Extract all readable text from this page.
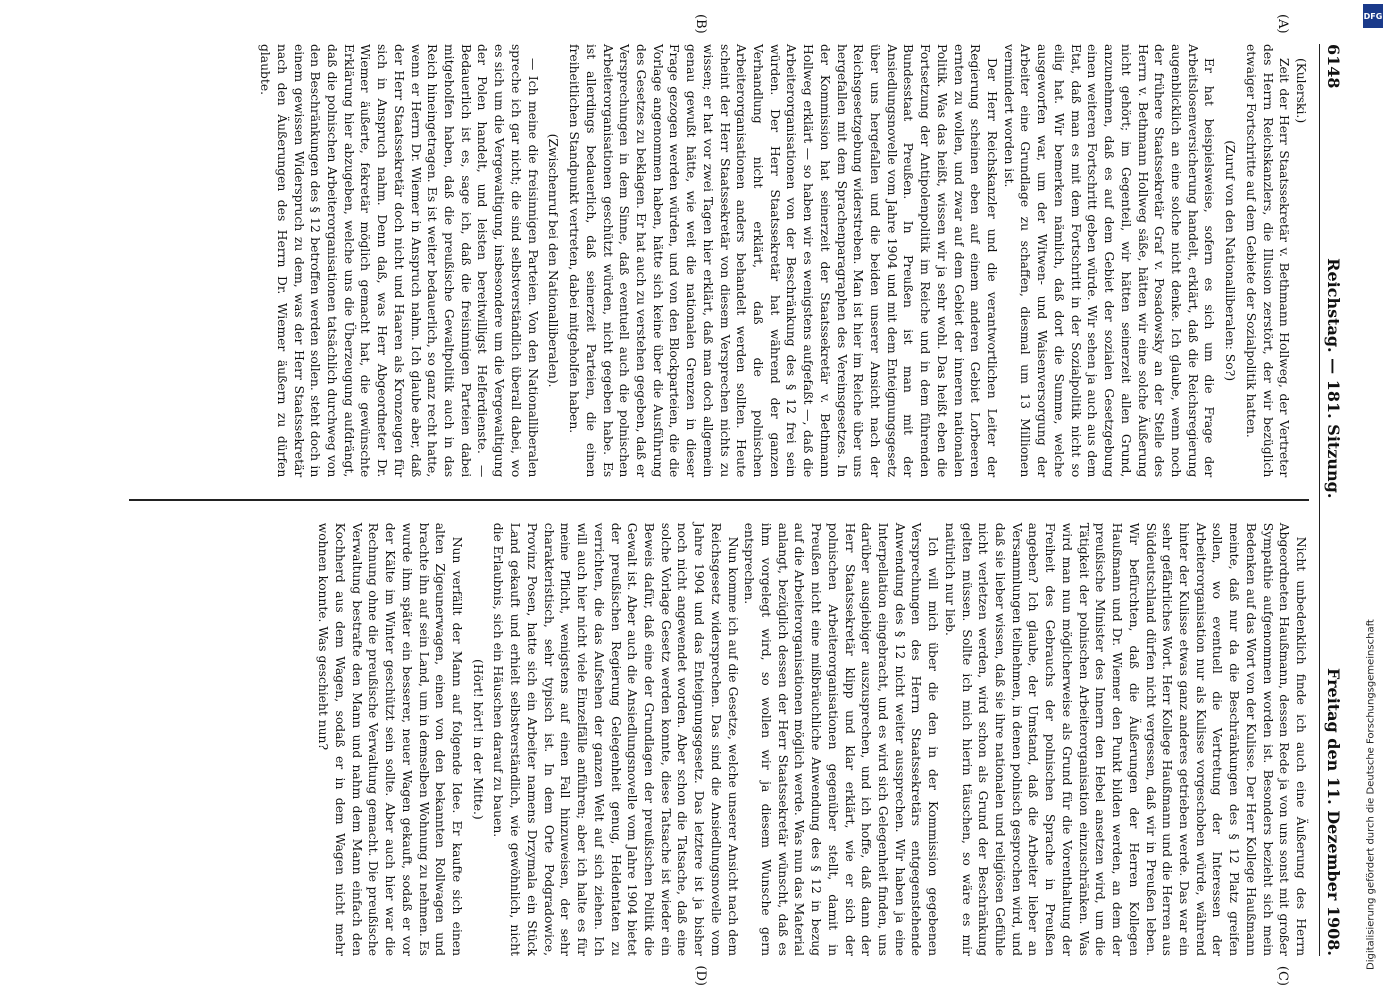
6148
Reichstag. — 181. Sitzung.
Freitag den 11. Dezember 1908.
(A)
(B)

(Kulerski.)

Zeit der Herr Staatssekretär v. Bethmann Hollweg, der Vertreter des Herrn Reichskanzlers, die Illusion zerstört, der wir bezüglich etwaiger Fortschritte auf dem Gebiete der Sozialpolitik hatten.

(Zuruf von den Nationalliberalen: So?)

Er hat beispielsweise, sofern es sich um die Frage der Arbeitslosenversicherung handelt, erklärt, daß die Reichsregierung augenblicklich an eine solche nicht denke. Ich glaube, wenn noch der frühere Staatssekretär Graf v. Posadowsky an der Stelle des Herrn v. Bethmann Hollweg säße, hätten wir eine solche Äußerung nicht gehört; im Gegenteil, wir hätten seinerzeit allen Grund, anzunehmen, daß es auf dem Gebiet der sozialen Gesetzgebung einen weiteren Fortschritt geben würde. Wir sehen ja auch aus dem Etat, daß man es mit dem Fortschritt in der Sozialpolitik nicht so eilig hat. Wir bemerken nämlich, daß dort die Summe, welche ausgeworfen war, um der Witwen- und Waisenversorgung der Arbeiter eine Grundlage zu schaffen, diesmal um 13 Millionen vermindert worden ist.

Der Herr Reichskanzler und die verantwortlichen Leiter der Regierung scheinen eben auf einem anderen Gebiet Lorbeeren ernten zu wollen, und zwar auf dem Gebiet der inneren nationalen Politik. Was das heißt, wissen wir ja sehr wohl. Das heißt eben die Fortsetzung der Antipolenpolitik im Reiche und in dem führenden Bundesstaat Preußen. In Preußen ist man mit der Ansiedlungsnovelle vom Jahre 1904 und mit dem Enteignungsgesetz über uns hergefallen und die beiden unserer Ansicht nach der Reichsgesetzgebung widerstreben. Man ist hier im Reiche über uns hergefallen mit dem Sprachenparagraphen des Vereinsgesetzes. In der Kommission hat seinerzeit der Staatssekretär v. Bethmann Hollweg erklärt — so haben wir es wenigstens aufgefaßt —, daß die Arbeiterorganisationen von der Beschränkung des § 12 frei sein würden. Der Herr Staatssekretär hat während der ganzen Verhandlung nicht erklärt, daß die polnischen Arbeiterorganisationen anders behandelt werden sollten. Heute scheint der Herr Staatssekretär von diesem Versprechen nichts zu wissen; er hat vor zwei Tagen hier erklärt, daß man doch allgemein genau gewußt hätte, wie weit die nationalen Grenzen in dieser Frage gezogen werden würden, und von den Blockparteien, die die Vorlage angenommen haben, hätte sich keine über die Ausführung des Gesetzes zu beklagen. Er hat auch zu verstehen gegeben, daß er Versprechungen in dem Sinne, daß eventuell auch die polnischen Arbeiterorganisationen geschützt würden, nicht gegeben habe. Es ist allerdings bedauerlich, daß seinerzeit Parteien, die einen freiheitlichen Standpunkt vertreten, dabei mitgeholfen haben.

(Zwischenruf bei den Nationalliberalen).

— Ich meine die freisinnigen Parteien. Von den Nationalliberalen spreche ich gar nicht; die sind selbstverständlich überall dabei, wo es sich um die Vergewaltigung, insbesondere um die Vergewaltigung der Polen handelt, und leisten bereitwilligst Helferdienste. — Bedauerlich ist es, sage ich, daß die freisinnigen Parteien dabei mitgeholfen haben, daß die preußische Gewaltpolitik auch in das Reich hineingetragen. Es ist weiter bedauerlich, so ganz recht hatte, wenn er Herrn Dr. Wiemer in Anspruch nahm. Ich glaube aber, daß der Herr Staatssekretär doch nicht und Haaren als Kronzeugen für sich in Anspruch nahm. Denn daß, was Herr Abgeordneter Dr. Wiemer äußerte, fekretär möglich gemacht hat, die gewünschte Erklärung hier abzugeben, welche uns die Überzeugung aufdrängt, daß die polnischen Arbeiterorganisationen tatsächlich durchweg von den Beschränkungen des § 12 betroffen werden sollen. steht doch in einem gewissen Widerspruch zu dem, was der Herr Staatssekretär nach den Äußerungen des Herrn Dr. Wiemer äußern zu dürfen glaubte.

(C)
(D)

Nicht unbedenklich finde ich auch eine Äußerung des Herrn Abgeordneten Haußmann, dessen Rede ja von uns sonst mit großer Sympathie aufgenommen worden ist. Besonders bezieht sich mein Bedenken auf das Wort von der Kulisse. Der Herr Kollege Haußmann meinte, daß nur da die Beschränkungen des § 12 Platz greifen sollen, wo eventuell die Vertretung der Interessen der Arbeiterorganisation nur als Kulisse vorgeschoben würde, während hinter der Kulisse etwas ganz anderes getrieben werde. Das war ein sehr gefährliches Wort. Herr Kollege Haußmann und die Herren aus Süddeutschland dürfen nicht vergessen, daß wir in Preußen leben. Wir befürchten, daß die Äußerungen der Herren Kollegen Haußmann und Dr. Wiemer den Punkt bilden werden, an dem der preußische Minister des Innern den Hebel ansetzen wird, um die Tätigkeit der polnischen Arbeiterorganisation einzuschränken. Was wird man nun möglicherweise als Grund für die Vorenthaltung der Freiheit des Gebrauchs der polnischen Sprache in Preußen angeben? Ich glaube, der Umstand, daß die Arbeiter lieber an Versammlungen teilnehmen, in denen polnisch gesprochen wird, und daß sie lieber wissen, daß sie ihre nationalen und religiösen Gefühle nicht verletzen werden, wird schon als Grund der Beschränkung gelten müssen. Sollte ich mich hierin täuschen, so wäre es mir natürlich nur lieb.

Ich will mich über die den in der Kommission gegebenen Versprechungen des Herrn Staatssekretärs entgegenstehende Anwendung des § 12 nicht weiter aussprechen. Wir haben ja eine Interpellation eingebracht, und es wird sich Gelegenheit finden, uns darüber ausgiebiger auszusprechen, und ich hoffe, daß dann der Herr Staatssekretär klipp und klar erklärt, wie er sich der polnischen Arbeiterorganisationen gegenüber stellt, damit in Preußen nicht eine mißbräuchliche Anwendung des § 12 in bezug auf die Arbeiterorganisationen möglich werde. Was nun das Material anlangt, bezüglich dessen der Herr Staatssekretär wünscht, daß es ihm vorgelegt wird, so wollen wir ja diesem Wunsche gern entsprechen.

Nun komme ich auf die Gesetze, welche unserer Ansicht nach dem Reichsgesetz widersprechen. Das sind die Ansiedlungsnovelle vom Jahre 1904 und das Enteignungsgesetz. Das letztere ist ja bisher noch nicht angewendet worden. Aber schon die Tatsache, daß eine solche Vorlage Gesetz werden konnte, diese Tatsache ist wieder ein Beweis dafür, daß eine der Grundlagen der preußischen Politik die Gewalt ist. Aber auch die Ansiedlungsnovelle vom Jahre 1904 bietet der preußischen Regierung Gelegenheit genug, Heldentaten zu verrichten, die das Aufsehen der ganzen Welt auf sich ziehen. Ich will auch hier nicht viele Einzelfälle anführen; aber ich halte es für meine Pflicht, wenigstens auf einen Fall hinzuweisen, der sehr charakteristisch, sehr typisch ist. In dem Orte Podgradowice, Provinz Posen, hatte sich ein Arbeiter namens Drzymala ein Stück Land gekauft und erhielt selbstverständlich, wie gewöhnlich, nicht die Erlaubnis, sich ein Häuschen darauf zu bauen.

(Hört! hört! in der Mitte.)

Nun verfällt der Mann auf folgende Idee. Er kaufte sich einen alten Zigeunerwagen, einen von den bekannten Rollwagen und brachte ihn auf sein Land, um in demselben Wohnung zu nehmen. Es wurde ihm später ein besserer, neuer Wagen gekauft, sodaß er vor der Kälte im Winter geschützt sein sollte. Aber auch hier war die Rechnung ohne die preußische Verwaltung gemacht. Die preußische Verwaltung bestrafte den Mann und nahm dem Mann einfach den Kochherd aus dem Wagen, sodaß er in dem Wagen nicht mehr wohnen konnte. Was geschieht nun?

DFG
Digitalisierung gefördert durch die Deutsche Forschungsgemeinschaft
